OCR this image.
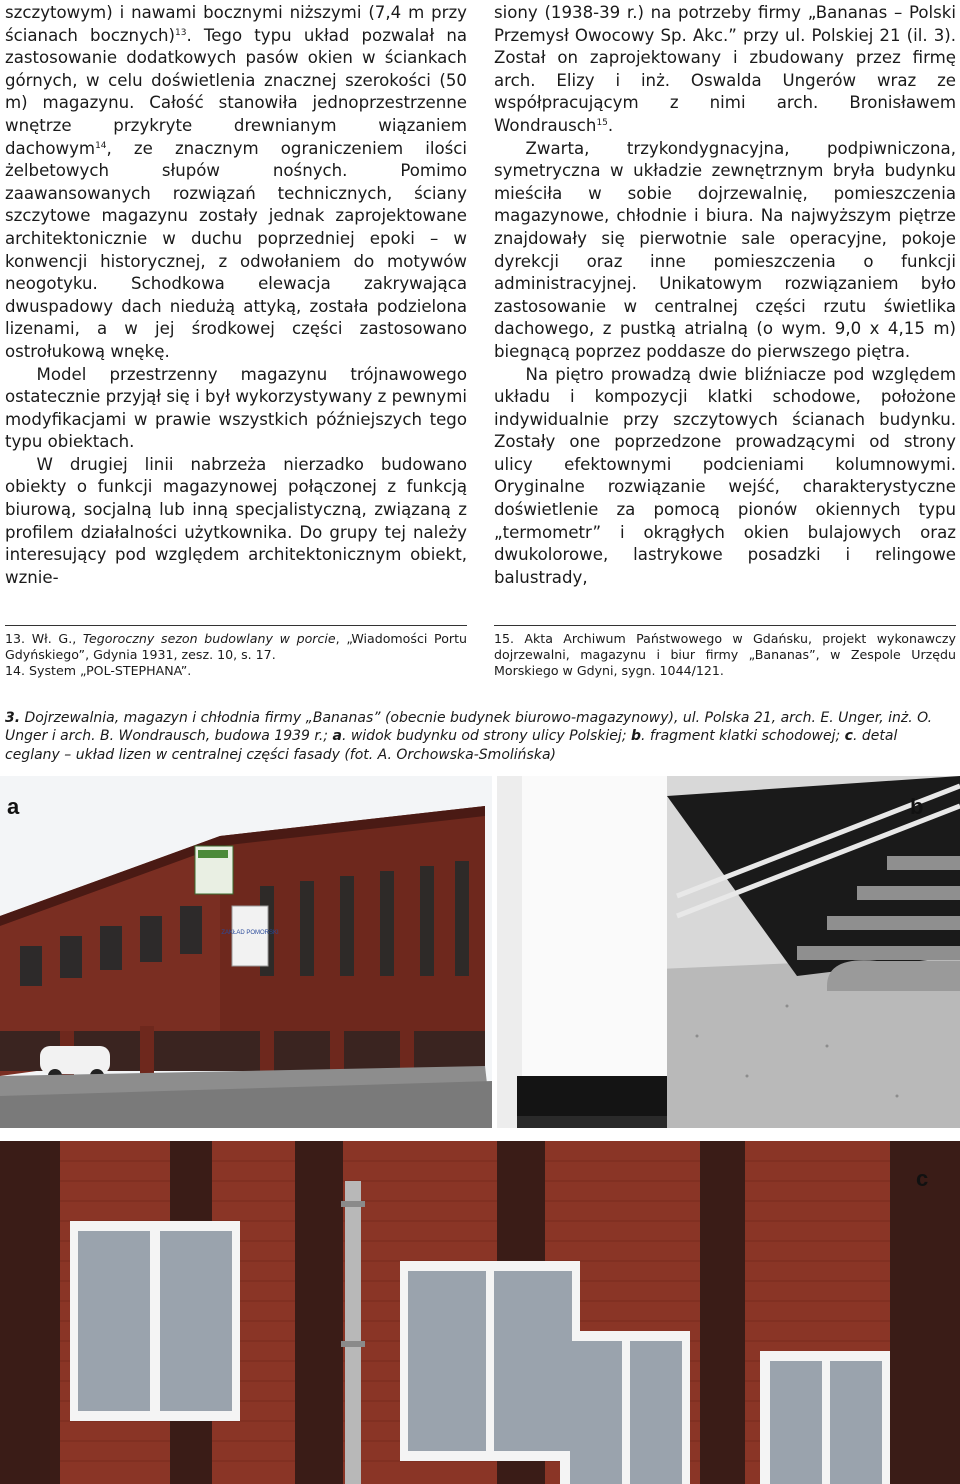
szczytowym) i nawami bocznymi niższymi (7,4 m przy ścianach bocznych)$^{13}$. Tego typu układ pozwalał na zastosowanie dodatkowych pasów okien w ściankach górnych, w celu doświetlenia znacznej szerokości (50 m) magazynu. Całość stanowiła jednoprzestrzenne wnętrze przykryte drewnianym wiązaniem dachowym$^{14}$, ze znacznym ograniczeniem ilości żelbetowych słupów nośnych. Pomimo zaawansowanych rozwiązań technicznych, ściany szczytowe magazynu zostały jednak zaprojektowane architektonicznie w duchu poprzedniej epoki – w konwencji historycznej, z odwołaniem do motywów neogotyku. Schodkowa elewacja zakrywająca dwuspadowy dach niedużą attyką, została podzielona lizenami, a w jej środkowej części zastosowano ostrołukową wnękę.

Model przestrzenny magazynu trójnawowego ostatecznie przyjął się i był wykorzystywany z pewnymi modyfikacjami w prawie wszystkich późniejszych tego typu obiektach.

W drugiej linii nabrzeża nierzadko budowano obiekty o funkcji magazynowej połączonej z funkcją biurową, socjalną lub inną specjalistyczną, związaną z profilem działalności użytkownika. Do grupy tej należy interesujący pod względem architektonicznym obiekt, wznie-

siony (1938-39 r.) na potrzeby firmy „Bananas – Polski Przemysł Owocowy Sp. Akc.” przy ul. Polskiej 21 (il. 3). Został on zaprojektowany i zbudowany przez firmę arch. Elizy i inż. Oswalda Ungerów wraz ze współpracującym z nimi arch. Bronisławem Wondrausch$^{15}$.

Zwarta, trzykondygnacyjna, podpiwniczona, symetryczna w układzie zewnętrznym bryła budynku mieściła w sobie dojrzewalnię, pomieszczenia magazynowe, chłodnie i biura. Na najwyższym piętrze znajdowały się pierwotnie sale operacyjne, pokoje dyrekcji oraz inne pomieszczenia o funkcji administracyjnej. Unikatowym rozwiązaniem było zastosowanie w centralnej części rzutu świetlika dachowego, z pustką atrialną (o wym. 9,0 x 4,15 m) biegnącą poprzez poddasze do pierwszego piętra.

Na piętro prowadzą dwie bliźniacze pod względem układu i kompozycji klatki schodowe, położone indywidualnie przy szczytowych ścianach budynku. Zostały one poprzedzone prowadzącymi od strony ulicy efektownymi podcieniami kolumnowymi. Oryginalne rozwiązanie wejść, charakterystyczne doświetlenie za pomocą pionów okiennych typu „termometr” i okrągłych okien bulajowych oraz dwukolorowe, lastrykowe posadzki i relingowe balustrady,

13. Wł. G., Tegoroczny sezon budowlany w porcie, „Wiadomości Portu Gdyńskiego”, Gdynia 1931, zesz. 10, s. 17.

14. System „POL-STEPHANA”.

15. Akta Archiwum Państwowego w Gdańsku, projekt wykonawczy dojrzewalni, magazynu i biur firmy „Bananas”, w Zespole Urzędu Morskiego w Gdyni, sygn. 1044/121.

3. Dojrzewalnia, magazyn i chłodnia firmy „Bananas” (obecnie budynek biurowo-magazynowy), ul. Polska 21, arch. E. Unger, inż. O. Unger i arch. B. Wondrausch, budowa 1939 r.; a. widok budynku od strony ulicy Polskiej; b. fragment klatki schodowej; c. detal ceglany – układ lizen w centralnej części fasady (fot. A. Orchowska-Smolińska)

ZAKŁAD POMORSKI
a	b
c
